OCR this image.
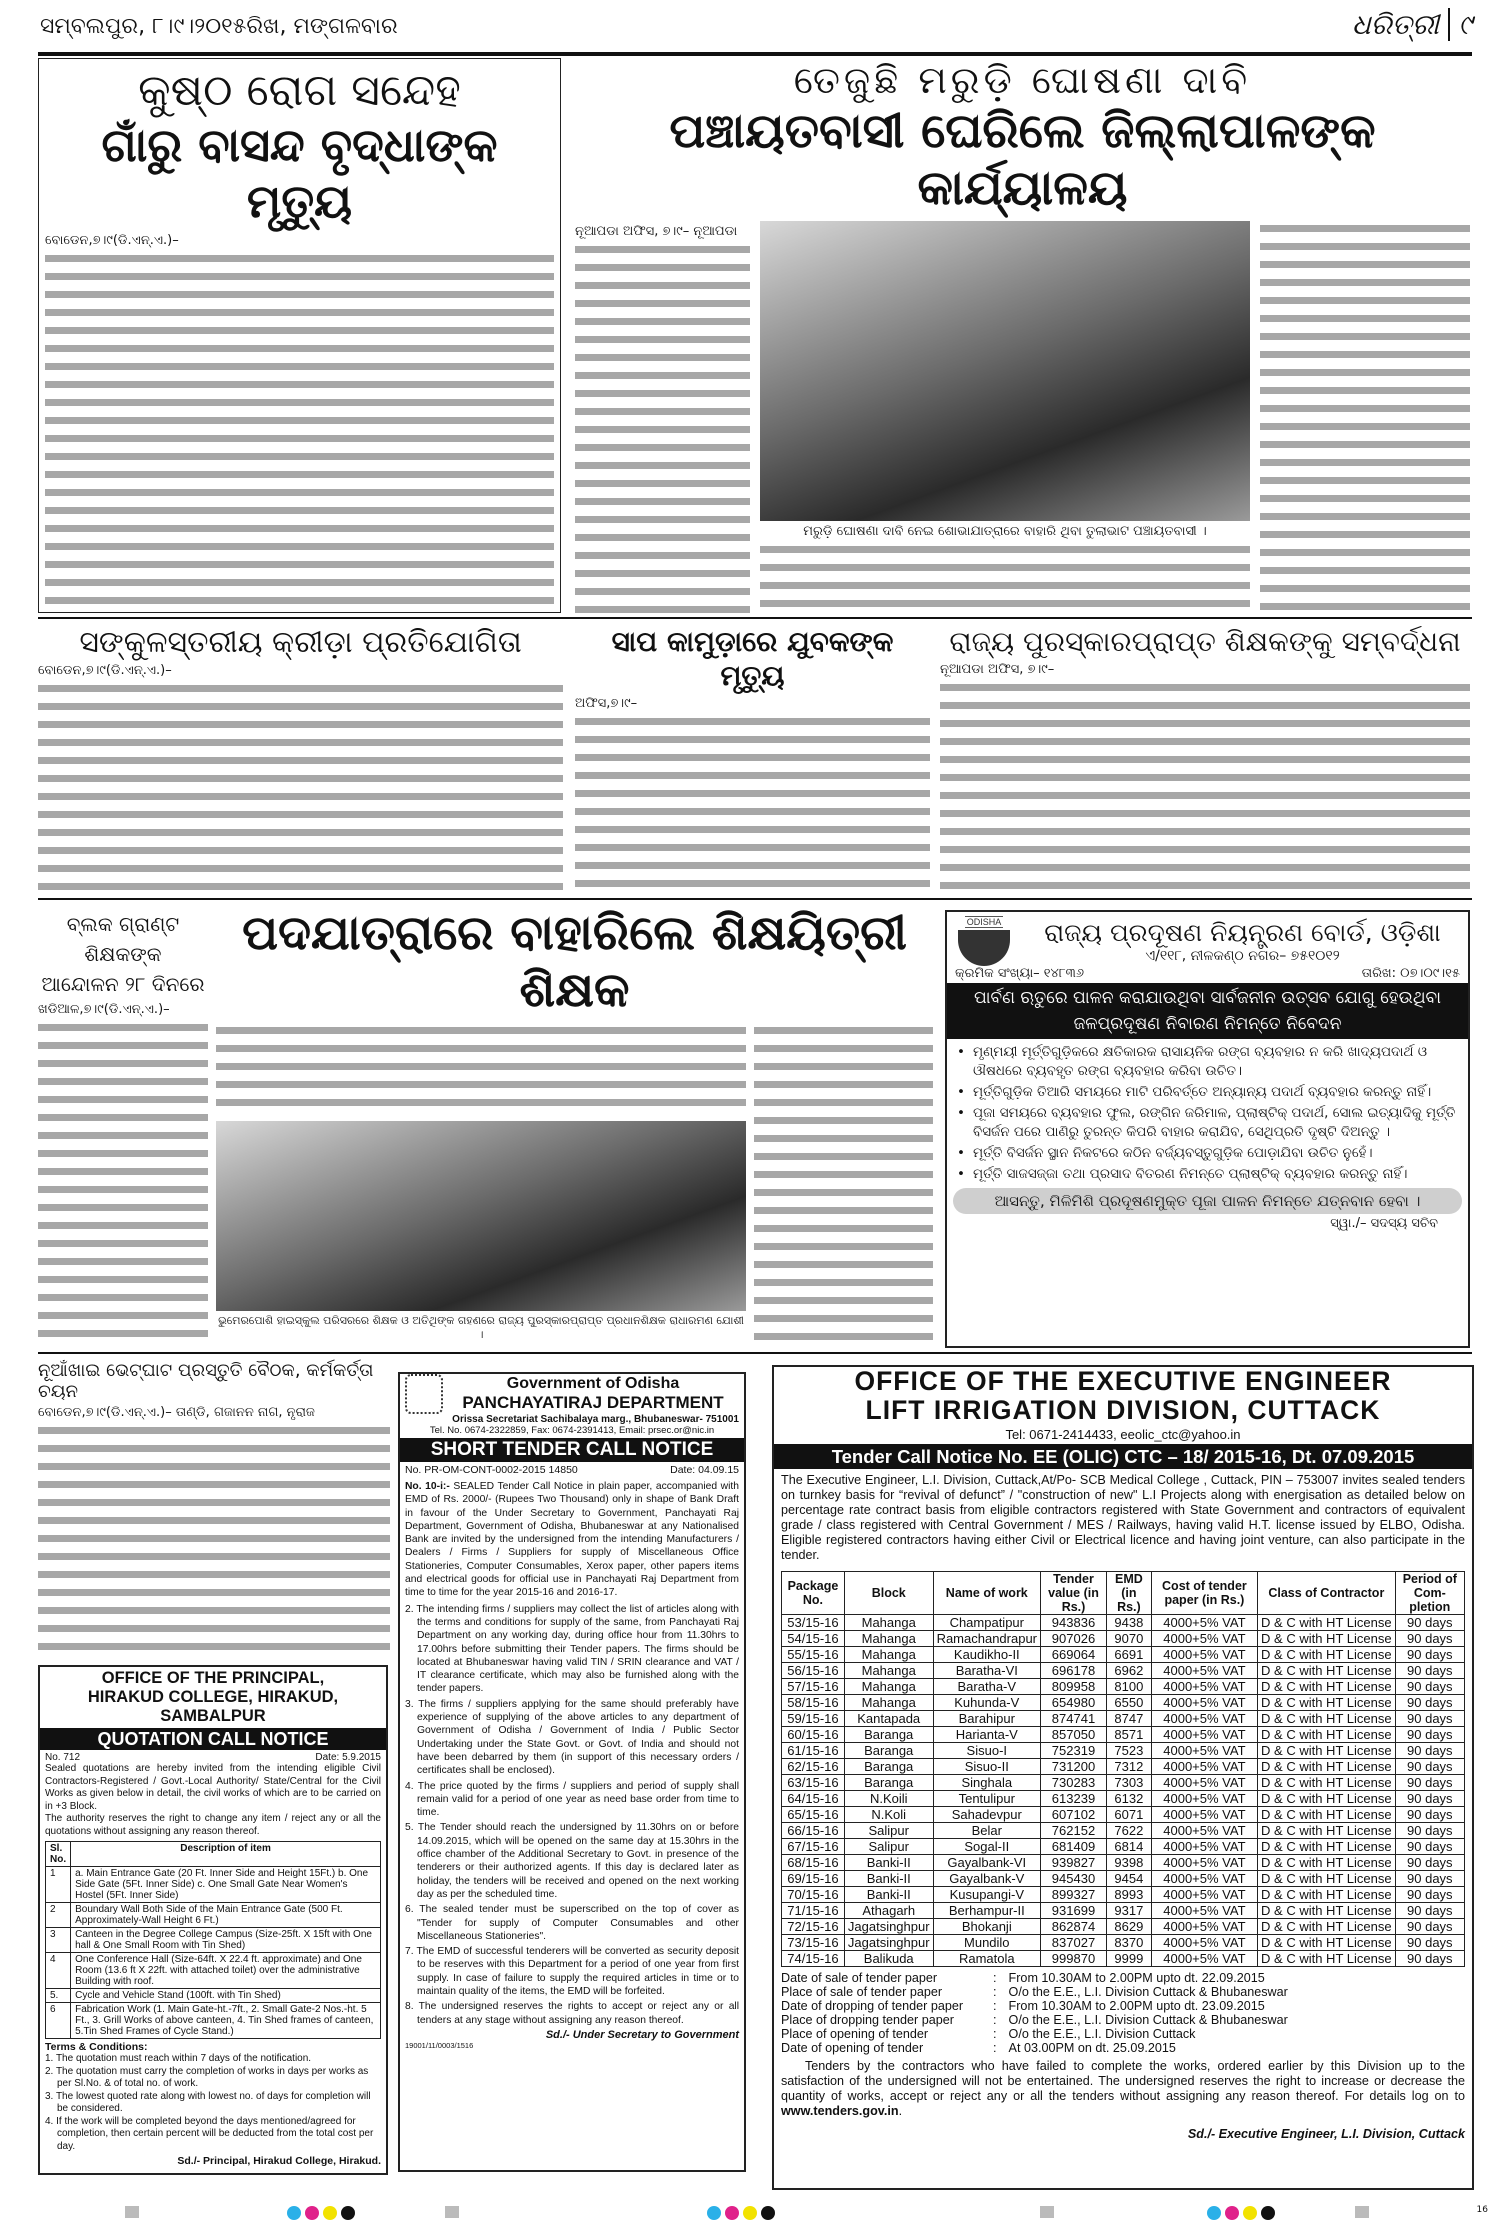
ସମ୍ବଲପୁର, ୮।୯।୨୦୧୫ରିଖ, ମଙ୍ଗଳବାର	ଧରିତ୍ରୀ ୯
କୁଷ୍ଠ ରୋଗ ସନ୍ଦେହ
ଗାଁରୁ ବାସନ୍ଦ ବୃଦ୍ଧାଙ୍କ ମୃତ୍ୟୁ
ବୋଡେନ,୭।୯(ଡି.ଏନ୍.ଏ.)–
ତେଜୁଛି ମରୁଡ଼ି ଘୋଷଣା ଦାବି
ପଞ୍ଚାୟତବାସୀ ଘେରିଲେ ଜିଲ୍ଲାପାଳଙ୍କ କାର୍ଯ୍ୟାଳୟ
ନୂଆପଡା ଅଫିସ, ୭।୯– ନୂଆପଡା
ମରୁଡ଼ି ଘୋଷଣା ଦାବି ନେଇ ଶୋଭାଯାତ୍ରାରେ ବାହାରି ଥିବା ତୁଲାଭାଟ ପଞ୍ଚାୟତବାସୀ ।
ସଙ୍କୁଳସ୍ତରୀୟ କ୍ରୀଡ଼ା ପ୍ରତିଯୋଗିତା
ବୋଡେନ,୭।୯(ଡି.ଏନ୍.ଏ.)–
ସାପ କାମୁଡ଼ାରେ ଯୁବକଙ୍କ ମୃତ୍ୟୁ
ଅଫିସ,୭।୯–
ରାଜ୍ୟ ପୁରସ୍କାରପ୍ରାପ୍ତ ଶିକ୍ଷକଙ୍କୁ ସମ୍ବର୍ଦ୍ଧନା
ନୂଆପଡା ଅଫିସ, ୭।୯–
ବ୍ଲକ ଗ୍ରାଣ୍ଟ ଶିକ୍ଷକଙ୍କ
ଆନ୍ଦୋଳନ ୨୮ ଦିନରେ
ଖଡିଆଳ,୭।୯(ଡି.ଏନ୍.ଏ.)–
ପଦଯାତ୍ରାରେ ବାହାରିଲେ ଶିକ୍ଷୟିତ୍ରୀ ଶିକ୍ଷକ
ଭୁମେରପୋଶି ହାଇସ୍କୁଲ ପରିସରରେ ଶିକ୍ଷକ ଓ ଅତିଥିଙ୍କ ଗହଣରେ ରାଜ୍ୟ ପୁରସ୍କାରପ୍ରାପ୍ତ ପ୍ରଧାନଶିକ୍ଷକ ରାଧାରମଣ ଯୋଶୀ ।
ODISHA ରାଜ୍ୟ ପ୍ରଦୂଷଣ ନିୟନ୍ତ୍ରଣ ବୋର୍ଡ, ଓଡ଼ିଶା
ଏ/୧୧୮, ନୀଳକଣ୍ଠ ନଗର– ୭୫୧୦୧୨
କ୍ରମିକ ସଂଖ୍ୟା– ୧୪୮୩୬	ତାରିଖ: ୦୭।୦୯।୧୫
ପାର୍ବଣ ଋତୁରେ ପାଳନ କରାଯାଉଥିବା ସାର୍ବଜନୀନ ଉତ୍ସବ ଯୋଗୁ ହେଉଥିବା ଜଳପ୍ରଦୂଷଣ ନିବାରଣ ନିମନ୍ତେ ନିବେଦନ
• ମୃଣ୍ମୟୀ ମୂର୍ତ୍ତିଗୁଡ଼ିକରେ କ୍ଷତିକାରକ ରାସାୟନିକ ରଙ୍ଗ ବ୍ୟବହାର ନ କରି ଖାଦ୍ୟପଦାର୍ଥ ଓ ଔଷଧରେ ବ୍ୟବହୃତ ରଙ୍ଗ ବ୍ୟବହାର କରିବା ଉଚିତ।
• ମୂର୍ତ୍ତିଗୁଡ଼ିକ ତିଆରି ସମୟରେ ମାଟି ପରିବର୍ତ୍ତେ ଅନ୍ୟାନ୍ୟ ପଦାର୍ଥ ବ୍ୟବହାର କରନ୍ତୁ ନାହିଁ।
• ପୂଜା ସମୟରେ ବ୍ୟବହାର ଫୁଲ, ରଙ୍ଗିନ ଜରିମାଳ, ପ୍ଲାଷ୍ଟିକ୍ ପଦାର୍ଥ, ସୋଲ ଇତ୍ୟାଦିକୁ ମୂର୍ତ୍ତି ବିସର୍ଜନ ପରେ ପାଣିରୁ ତୁରନ୍ତ କିପରି ବାହାର କରାଯିବ, ସେଥିପ୍ରତି ଦୃଷ୍ଟି ଦିଅନ୍ତୁ ।
• ମୂର୍ତ୍ତି ବିସର୍ଜନ ସ୍ଥାନ ନିକଟରେ କଠିନ ବର୍ଜ୍ୟବସ୍ତୁଗୁଡ଼ିକ ପୋଡ଼ାଯିବା ଉଚିତ ନୁହେଁ।
• ମୂର୍ତ୍ତି ସାଜସଜ୍ଜା ତଥା ପ୍ରସାଦ ବିତରଣ ନିମନ୍ତେ ପ୍ଲାଷ୍ଟିକ୍ ବ୍ୟବହାର କରନ୍ତୁ ନାହିଁ।
ଆସନ୍ତୁ, ମିଳିମିଶି ପ୍ରଦୂଷଣମୁକ୍ତ ପୂଜା ପାଳନ ନିମନ୍ତେ ଯତ୍ନବାନ ହେବା ।
ସ୍ୱା./– ସଦସ୍ୟ ସଚିବ
ନୂଆଁଖାଇ ଭେଟ୍‌ଘାଟ ପ୍ରସ୍ତୁତି ବୈଠକ, କର୍ମକର୍ତ୍ତା ଚୟନ
ବୋଡେନ,୭।୯(ଡି.ଏନ୍.ଏ.)– ତାଣ୍ଡି, ଗଜାନନ ନାଗ, ନୃରାଜ
OFFICE OF THE PRINCIPAL,
HIRAKUD COLLEGE, HIRAKUD, SAMBALPUR
QUOTATION CALL NOTICE
No. 712	Date: 5.9.2015
Sealed quotations are hereby invited from the intending eligible Civil Contractors-Registered / Govt.-Local Authority/ State/Central for the Civil Works as given below in detail, the civil works of which are to be carried on in +3 Block.
The authority reserves the right to change any item / reject any or all the quotations without assigning any reason thereof.
Sl. No.	Description of item
1	a. Main Entrance Gate (20 Ft. Inner Side and Height 15Ft.) b. One Side Gate (5Ft. Inner Side) c. One Small Gate Near Women's Hostel (5Ft. Inner Side)
2	Boundary Wall Both Side of the Main Entrance Gate (500 Ft. Approximately-Wall Height 6 Ft.)
3	Canteen in the Degree College Campus (Size-25ft. X 15ft with One hall & One Small Room with Tin Shed)
4	One Conference Hall (Size-64ft. X 22.4 ft. approximate) and One Room (13.6 ft X 22ft. with attached toilet) over the administrative Building with roof.
5.	Cycle and Vehicle Stand (100ft. with Tin Shed)
6	Fabrication Work (1. Main Gate-ht.-7ft., 2. Small Gate-2 Nos.-ht. 5 Ft., 3. Grill Works of above canteen, 4. Tin Shed frames of canteen, 5.Tin Shed Frames of Cycle Stand.)
Terms & Conditions:
1. The quotation must reach within 7 days of the notification.
2. The quotation must carry the completion of works in days per works as per Sl.No. & of total no. of work.
3. The lowest quoted rate along with lowest no. of days for completion will be considered.
4. If the work will be completed beyond the days mentioned/agreed for completion, then certain percent will be deducted from the total cost per day.
Sd./- Principal, Hirakud College, Hirakud.
Government of Odisha
PANCHAYATIRAJ DEPARTMENT
Orissa Secretariat Sachibalaya marg., Bhubaneswar- 751001
Tel. No. 0674-2322859, Fax: 0674-2391413, Email: prsec.or@nic.in
SHORT TENDER CALL NOTICE
No. PR-OM-CONT-0002-2015 14850	Date: 04.09.15
No. 10-i:- SEALED Tender Call Notice in plain paper, accompanied with EMD of Rs. 2000/- (Rupees Two Thousand) only in shape of Bank Draft in favour of the Under Secretary to Government, Panchayati Raj Department, Government of Odisha, Bhubaneswar at any Nationalised Bank are invited by the undersigned from the intending Manufacturers / Dealers / Firms / Suppliers for supply of Miscellaneous Office Stationeries, Computer Consumables, Xerox paper, other papers items and electrical goods for official use in Panchayati Raj Department from time to time for the year 2015-16 and 2016-17.
2. The intending firms / suppliers may collect the list of articles along with the terms and conditions for supply of the same, from Panchayati Raj Department on any working day, during office hour from 11.30hrs to 17.00hrs before submitting their Tender papers. The firms should be located at Bhubaneswar having valid TIN / SRIN clearance and VAT / IT clearance certificate, which may also be furnished along with the tender papers.
3. The firms / suppliers applying for the same should preferably have experience of supplying of the above articles to any department of Government of Odisha / Government of India / Public Sector Undertaking under the State Govt. or Govt. of India and should not have been debarred by them (in support of this necessary orders / certificates shall be enclosed).
4. The price quoted by the firms / suppliers and period of supply shall remain valid for a period of one year as need base order from time to time.
5. The Tender should reach the undersigned by 11.30hrs on or before 14.09.2015, which will be opened on the same day at 15.30hrs in the office chamber of the Additional Secretary to Govt. in presence of the tenderers or their authorized agents. If this day is declared later as holiday, the tenders will be received and opened on the next working day as per the scheduled time.
6. The sealed tender must be superscribed on the top of cover as "Tender for supply of Computer Consumables and other Miscellaneous Stationeries".
7. The EMD of successful tenderers will be converted as security deposit to be reserves with this Department for a period of one year from first supply. In case of failure to supply the required articles in time or to maintain quality of the items, the EMD will be forfeited.
8. The undersigned reserves the rights to accept or reject any or all tenders at any stage without assigning any reason thereof.
Sd./- Under Secretary to Government
19001/11/0003/1516
OFFICE OF THE EXECUTIVE ENGINEER
LIFT IRRIGATION DIVISION, CUTTACK
Tel: 0671-2414433, eeolic_ctc@yahoo.in
Tender Call Notice No. EE (OLIC) CTC – 18/ 2015-16, Dt. 07.09.2015
The Executive Engineer, L.I. Division, Cuttack,At/Po- SCB Medical College , Cuttack, PIN – 753007 invites sealed tenders on turnkey basis for “revival of defunct” / "construction of new" L.I Projects along with energisation as detailed below on percentage rate contract basis from eligible contractors registered with State Government and contractors of equivalent grade / class registered with Central Government / MES / Railways, having valid H.T. license issued by ELBO, Odisha. Eligible registered contractors having either Civil or Electrical licence and having joint venture, can also participate in the tender.
Package No.	Block	Name of work	Tender value (in Rs.)	EMD (in Rs.)	Cost of tender paper (in Rs.)	Class of Contractor	Period of Com-pletion
53/15-16	Mahanga	Champatipur	943836	9438	4000+5% VAT	D & C with HT License	90 days
54/15-16	Mahanga	Ramachandrapur	907026	9070	4000+5% VAT	D & C with HT License	90 days
55/15-16	Mahanga	Kaudikho-II	669064	6691	4000+5% VAT	D & C with HT License	90 days
56/15-16	Mahanga	Baratha-VI	696178	6962	4000+5% VAT	D & C with HT License	90 days
57/15-16	Mahanga	Baratha-V	809958	8100	4000+5% VAT	D & C with HT License	90 days
58/15-16	Mahanga	Kuhunda-V	654980	6550	4000+5% VAT	D & C with HT License	90 days
59/15-16	Kantapada	Barahipur	874741	8747	4000+5% VAT	D & C with HT License	90 days
60/15-16	Baranga	Harianta-V	857050	8571	4000+5% VAT	D & C with HT License	90 days
61/15-16	Baranga	Sisuo-I	752319	7523	4000+5% VAT	D & C with HT License	90 days
62/15-16	Baranga	Sisuo-II	731200	7312	4000+5% VAT	D & C with HT License	90 days
63/15-16	Baranga	Singhala	730283	7303	4000+5% VAT	D & C with HT License	90 days
64/15-16	N.Koili	Tentulipur	613239	6132	4000+5% VAT	D & C with HT License	90 days
65/15-16	N.Koli	Sahadevpur	607102	6071	4000+5% VAT	D & C with HT License	90 days
66/15-16	Salipur	Belar	762152	7622	4000+5% VAT	D & C with HT License	90 days
67/15-16	Salipur	Sogal-II	681409	6814	4000+5% VAT	D & C with HT License	90 days
68/15-16	Banki-II	Gayalbank-VI	939827	9398	4000+5% VAT	D & C with HT License	90 days
69/15-16	Banki-II	Gayalbank-V	945430	9454	4000+5% VAT	D & C with HT License	90 days
70/15-16	Banki-II	Kusupangi-V	899327	8993	4000+5% VAT	D & C with HT License	90 days
71/15-16	Athagarh	Berhampur-II	931699	9317	4000+5% VAT	D & C with HT License	90 days
72/15-16	Jagatsinghpur	Bhokanji	862874	8629	4000+5% VAT	D & C with HT License	90 days
73/15-16	Jagatsinghpur	Mundilo	837027	8370	4000+5% VAT	D & C with HT License	90 days
74/15-16	Balikuda	Ramatola	999870	9999	4000+5% VAT	D & C with HT License	90 days
Date of sale of tender paper	:	From 10.30AM to 2.00PM upto dt. 22.09.2015
Place of sale of tender paper	:	O/o the E.E., L.I. Division Cuttack & Bhubaneswar
Date of dropping of tender paper	:	From 10.30AM to 2.00PM upto dt. 23.09.2015
Place of dropping tender paper	:	O/o the E.E., L.I. Division Cuttack & Bhubaneswar
Place of opening of tender	:	O/o the E.E., L.I. Division Cuttack
Date of opening of tender	:	At 03.00PM on dt. 25.09.2015
Tenders by the contractors who have failed to complete the works, ordered earlier by this Division up to the satisfaction of the undersigned will not be entertained. The undersigned reserves the right to increase or decrease the quantity of works, accept or reject any or all the tenders without assigning any reason thereof. For details log on to www.tenders.gov.in.
Sd./- Executive Engineer, L.I. Division, Cuttack
16
